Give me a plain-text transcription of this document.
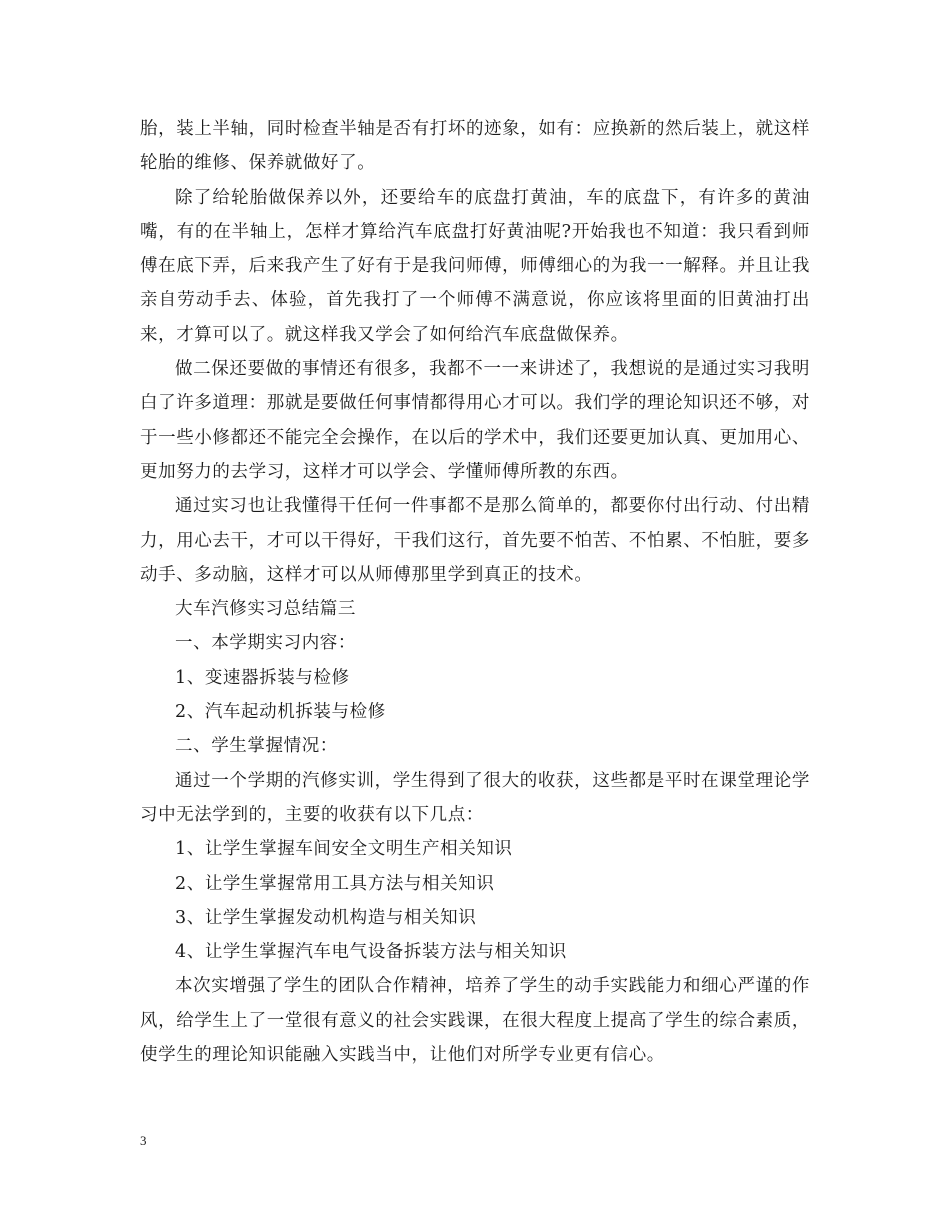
胎，装上半轴，同时检查半轴是否有打坏的迹象，如有：应换新的然后装上，就这样轮胎的维修、保养就做好了。

除了给轮胎做保养以外，还要给车的底盘打黄油，车的底盘下，有许多的黄油嘴，有的在半轴上，怎样才算给汽车底盘打好黄油呢?开始我也不知道：我只看到师傅在底下弄，后来我产生了好有于是我问师傅，师傅细心的为我一一解释。并且让我亲自劳动手去、体验，首先我打了一个师傅不满意说，你应该将里面的旧黄油打出来，才算可以了。就这样我又学会了如何给汽车底盘做保养。

做二保还要做的事情还有很多，我都不一一来讲述了，我想说的是通过实习我明白了许多道理：那就是要做任何事情都得用心才可以。我们学的理论知识还不够，对于一些小修都还不能完全会操作，在以后的学术中，我们还要更加认真、更加用心、更加努力的去学习，这样才可以学会、学懂师傅所教的东西。

通过实习也让我懂得干任何一件事都不是那么简单的，都要你付出行动、付出精力，用心去干，才可以干得好，干我们这行，首先要不怕苦、不怕累、不怕脏，要多动手、多动脑，这样才可以从师傅那里学到真正的技术。

大车汽修实习总结篇三

一、本学期实习内容：

1、变速器拆装与检修

2、汽车起动机拆装与检修

二、学生掌握情况：

通过一个学期的汽修实训，学生得到了很大的收获，这些都是平时在课堂理论学习中无法学到的，主要的收获有以下几点：

1、让学生掌握车间安全文明生产相关知识

2、让学生掌握常用工具方法与相关知识

3、让学生掌握发动机构造与相关知识

4、让学生掌握汽车电气设备拆装方法与相关知识

本次实增强了学生的团队合作精神，培养了学生的动手实践能力和细心严谨的作风，给学生上了一堂很有意义的社会实践课，在很大程度上提高了学生的综合素质，使学生的理论知识能融入实践当中，让他们对所学专业更有信心。

3
